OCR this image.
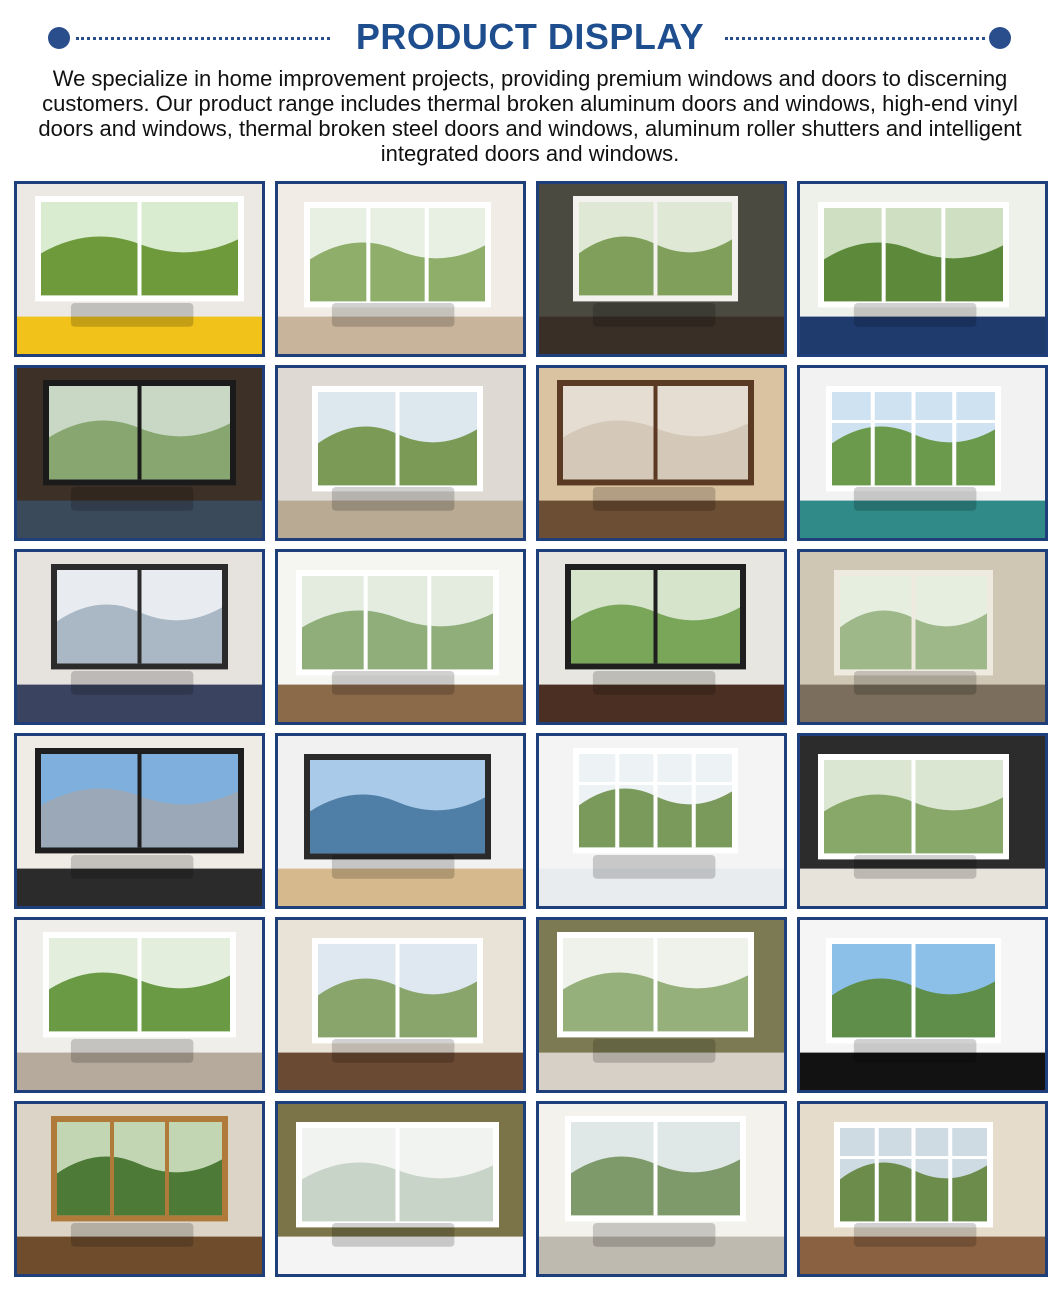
PRODUCT DISPLAY
We specialize in home improvement projects, providing premium windows and doors to discerning customers. Our product range includes thermal broken aluminum doors and windows, high-end vinyl doors and windows, thermal broken steel doors and windows, aluminum roller shutters and intelligent integrated doors and windows.
